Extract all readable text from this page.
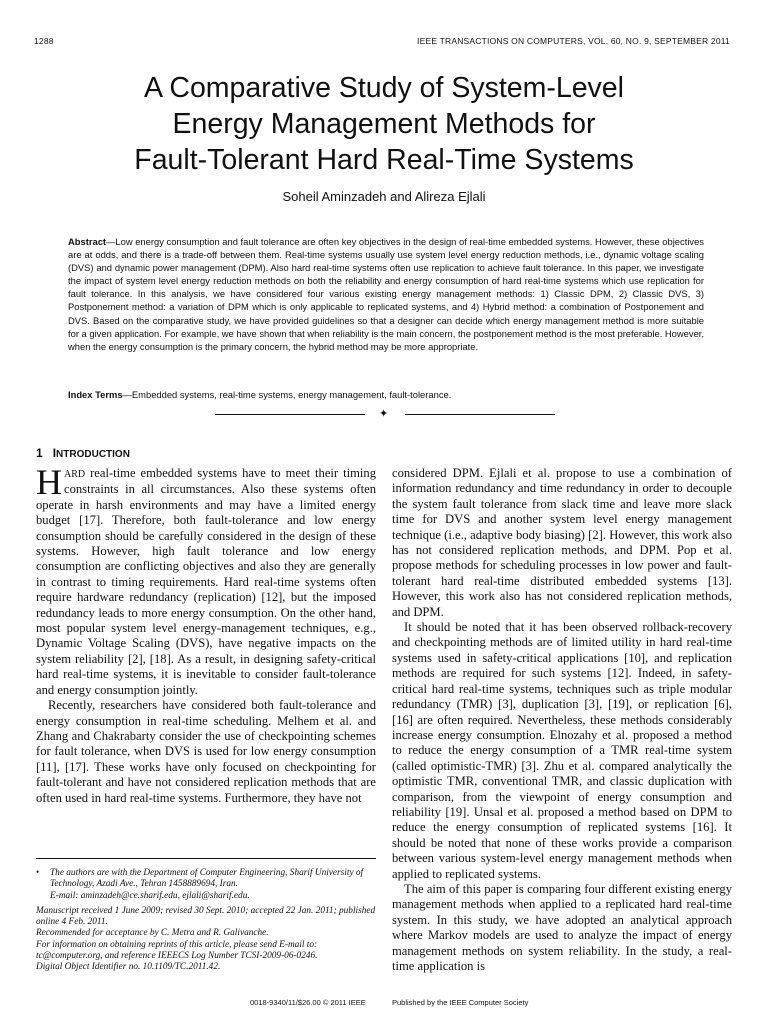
1288	IEEE TRANSACTIONS ON COMPUTERS, VOL. 60, NO. 9, SEPTEMBER 2011
A Comparative Study of System-Level
Energy Management Methods for
Fault-Tolerant Hard Real-Time Systems
Soheil Aminzadeh and Alireza Ejlali
Abstract—Low energy consumption and fault tolerance are often key objectives in the design of real-time embedded systems. However, these objectives are at odds, and there is a trade-off between them. Real-time systems usually use system level energy reduction methods, i.e., dynamic voltage scaling (DVS) and dynamic power management (DPM). Also hard real-time systems often use replication to achieve fault tolerance. In this paper, we investigate the impact of system level energy reduction methods on both the reliability and energy consumption of hard real-time systems which use replication for fault tolerance. In this analysis, we have considered four various existing energy management methods: 1) Classic DPM, 2) Classic DVS, 3) Postponement method: a variation of DPM which is only applicable to replicated systems, and 4) Hybrid method: a combination of Postponement and DVS. Based on the comparative study, we have provided guidelines so that a designer can decide which energy management method is more suitable for a given application. For example, we have shown that when reliability is the main concern, the postponement method is the most preferable. However, when the energy consumption is the primary concern, the hybrid method may be more appropriate.
Index Terms—Embedded systems, real-time systems, energy management, fault-tolerance.
✦
1 INTRODUCTION

HARD real-time embedded systems have to meet their timing constraints in all circumstances. Also these systems often operate in harsh environments and may have a limited energy budget [17]. Therefore, both fault-tolerance and low energy consumption should be carefully considered in the design of these systems. However, high fault tolerance and low energy consumption are conflicting objectives and also they are generally in contrast to timing requirements. Hard real-time systems often require hardware redundancy (replication) [12], but the imposed redundancy leads to more energy consumption. On the other hand, most popular system level energy-management techniques, e.g., Dynamic Voltage Scaling (DVS), have negative impacts on the system reliability [2], [18]. As a result, in designing safety-critical hard real-time systems, it is inevitable to consider fault-tolerance and energy consumption jointly.

Recently, researchers have considered both fault-tolerance and energy consumption in real-time scheduling. Melhem et al. and Zhang and Chakrabarty consider the use of checkpointing schemes for fault tolerance, when DVS is used for low energy consumption [11], [17]. These works have only focused on checkpointing for fault-tolerant and have not considered replication methods that are often used in hard real-time systems. Furthermore, they have not

considered DPM. Ejlali et al. propose to use a combination of information redundancy and time redundancy in order to decouple the system fault tolerance from slack time and leave more slack time for DVS and another system level energy management technique (i.e., adaptive body biasing) [2]. However, this work also has not considered replication methods, and DPM. Pop et al. propose methods for scheduling processes in low power and fault-tolerant hard real-time distributed embedded systems [13]. However, this work also has not considered replication methods, and DPM.

It should be noted that it has been observed rollback-recovery and checkpointing methods are of limited utility in hard real-time systems used in safety-critical applications [10], and replication methods are required for such systems [12]. Indeed, in safety-critical hard real-time systems, techniques such as triple modular redundancy (TMR) [3], duplication [3], [19], or replication [6], [16] are often required. Nevertheless, these methods considerably increase energy consumption. Elnozahy et al. proposed a method to reduce the energy consumption of a TMR real-time system (called optimistic-TMR) [3]. Zhu et al. compared analytically the optimistic TMR, conventional TMR, and classic duplication with comparison, from the viewpoint of energy consumption and reliability [19]. Unsal et al. proposed a method based on DPM to reduce the energy consumption of replicated systems [16]. It should be noted that none of these works provide a comparison between various system-level energy management methods when applied to replicated systems.

The aim of this paper is comparing four different existing energy management methods when applied to a replicated hard real-time system. In this study, we have adopted an analytical approach where Markov models are used to analyze the impact of energy management methods on system reliability. In the study, a real-time application is

• The authors are with the Department of Computer Engineering, Sharif University of Technology, Azadi Ave., Tehran 1458889694, Iran.
E-mail: aminzadeh@ce.sharif.edu, ejlali@sharif.edu.

Manuscript received 1 June 2009; revised 30 Sept. 2010; accepted 22 Jan. 2011; published online 4 Feb. 2011.

Recommended for acceptance by C. Metra and R. Galivanche.

For information on obtaining reprints of this article, please send E-mail to: tc@computer.org, and reference IEEECS Log Number TCSI-2009-06-0246.

Digital Object Identifier no. 10.1109/TC.2011.42.

0018-9340/11/$26.00 © 2011 IEEE	Published by the IEEE Computer Society
